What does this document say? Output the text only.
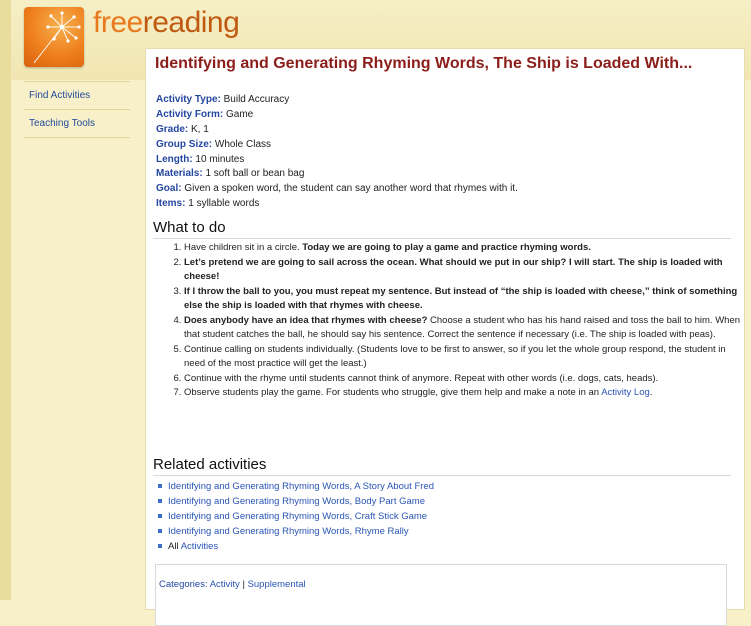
freereading
Find Activities
Teaching Tools
Identifying and Generating Rhyming Words, The Ship is Loaded With...
Activity Type: Build Accuracy
Activity Form: Game
Grade: K, 1
Group Size: Whole Class
Length: 10 minutes
Materials: 1 soft ball or bean bag
Goal: Given a spoken word, the student can say another word that rhymes with it.
Items: 1 syllable words
What to do
1. Have children sit in a circle. Today we are going to play a game and practice rhyming words.
2. Let’s pretend we are going to sail across the ocean. What should we put in our ship? I will start. The ship is loaded with cheese!
3. If I throw the ball to you, you must repeat my sentence. But instead of “the ship is loaded with cheese,” think of something else the ship is loaded with that rhymes with cheese.
4. Does anybody have an idea that rhymes with cheese? Choose a student who has his hand raised and toss the ball to him. When that student catches the ball, he should say his sentence. Correct the sentence if necessary (i.e. The ship is loaded with peas).
5. Continue calling on students individually. (Students love to be first to answer, so if you let the whole group respond, the student in need of the most practice will get the least.)
6. Continue with the rhyme until students cannot think of anymore. Repeat with other words (i.e. dogs, cats, heads).
7. Observe students play the game. For students who struggle, give them help and make a note in an Activity Log.
Related activities
Identifying and Generating Rhyming Words, A Story About Fred
Identifying and Generating Rhyming Words, Body Part Game
Identifying and Generating Rhyming Words, Craft Stick Game
Identifying and Generating Rhyming Words, Rhyme Rally
All Activities
Categories: Activity | Supplemental
